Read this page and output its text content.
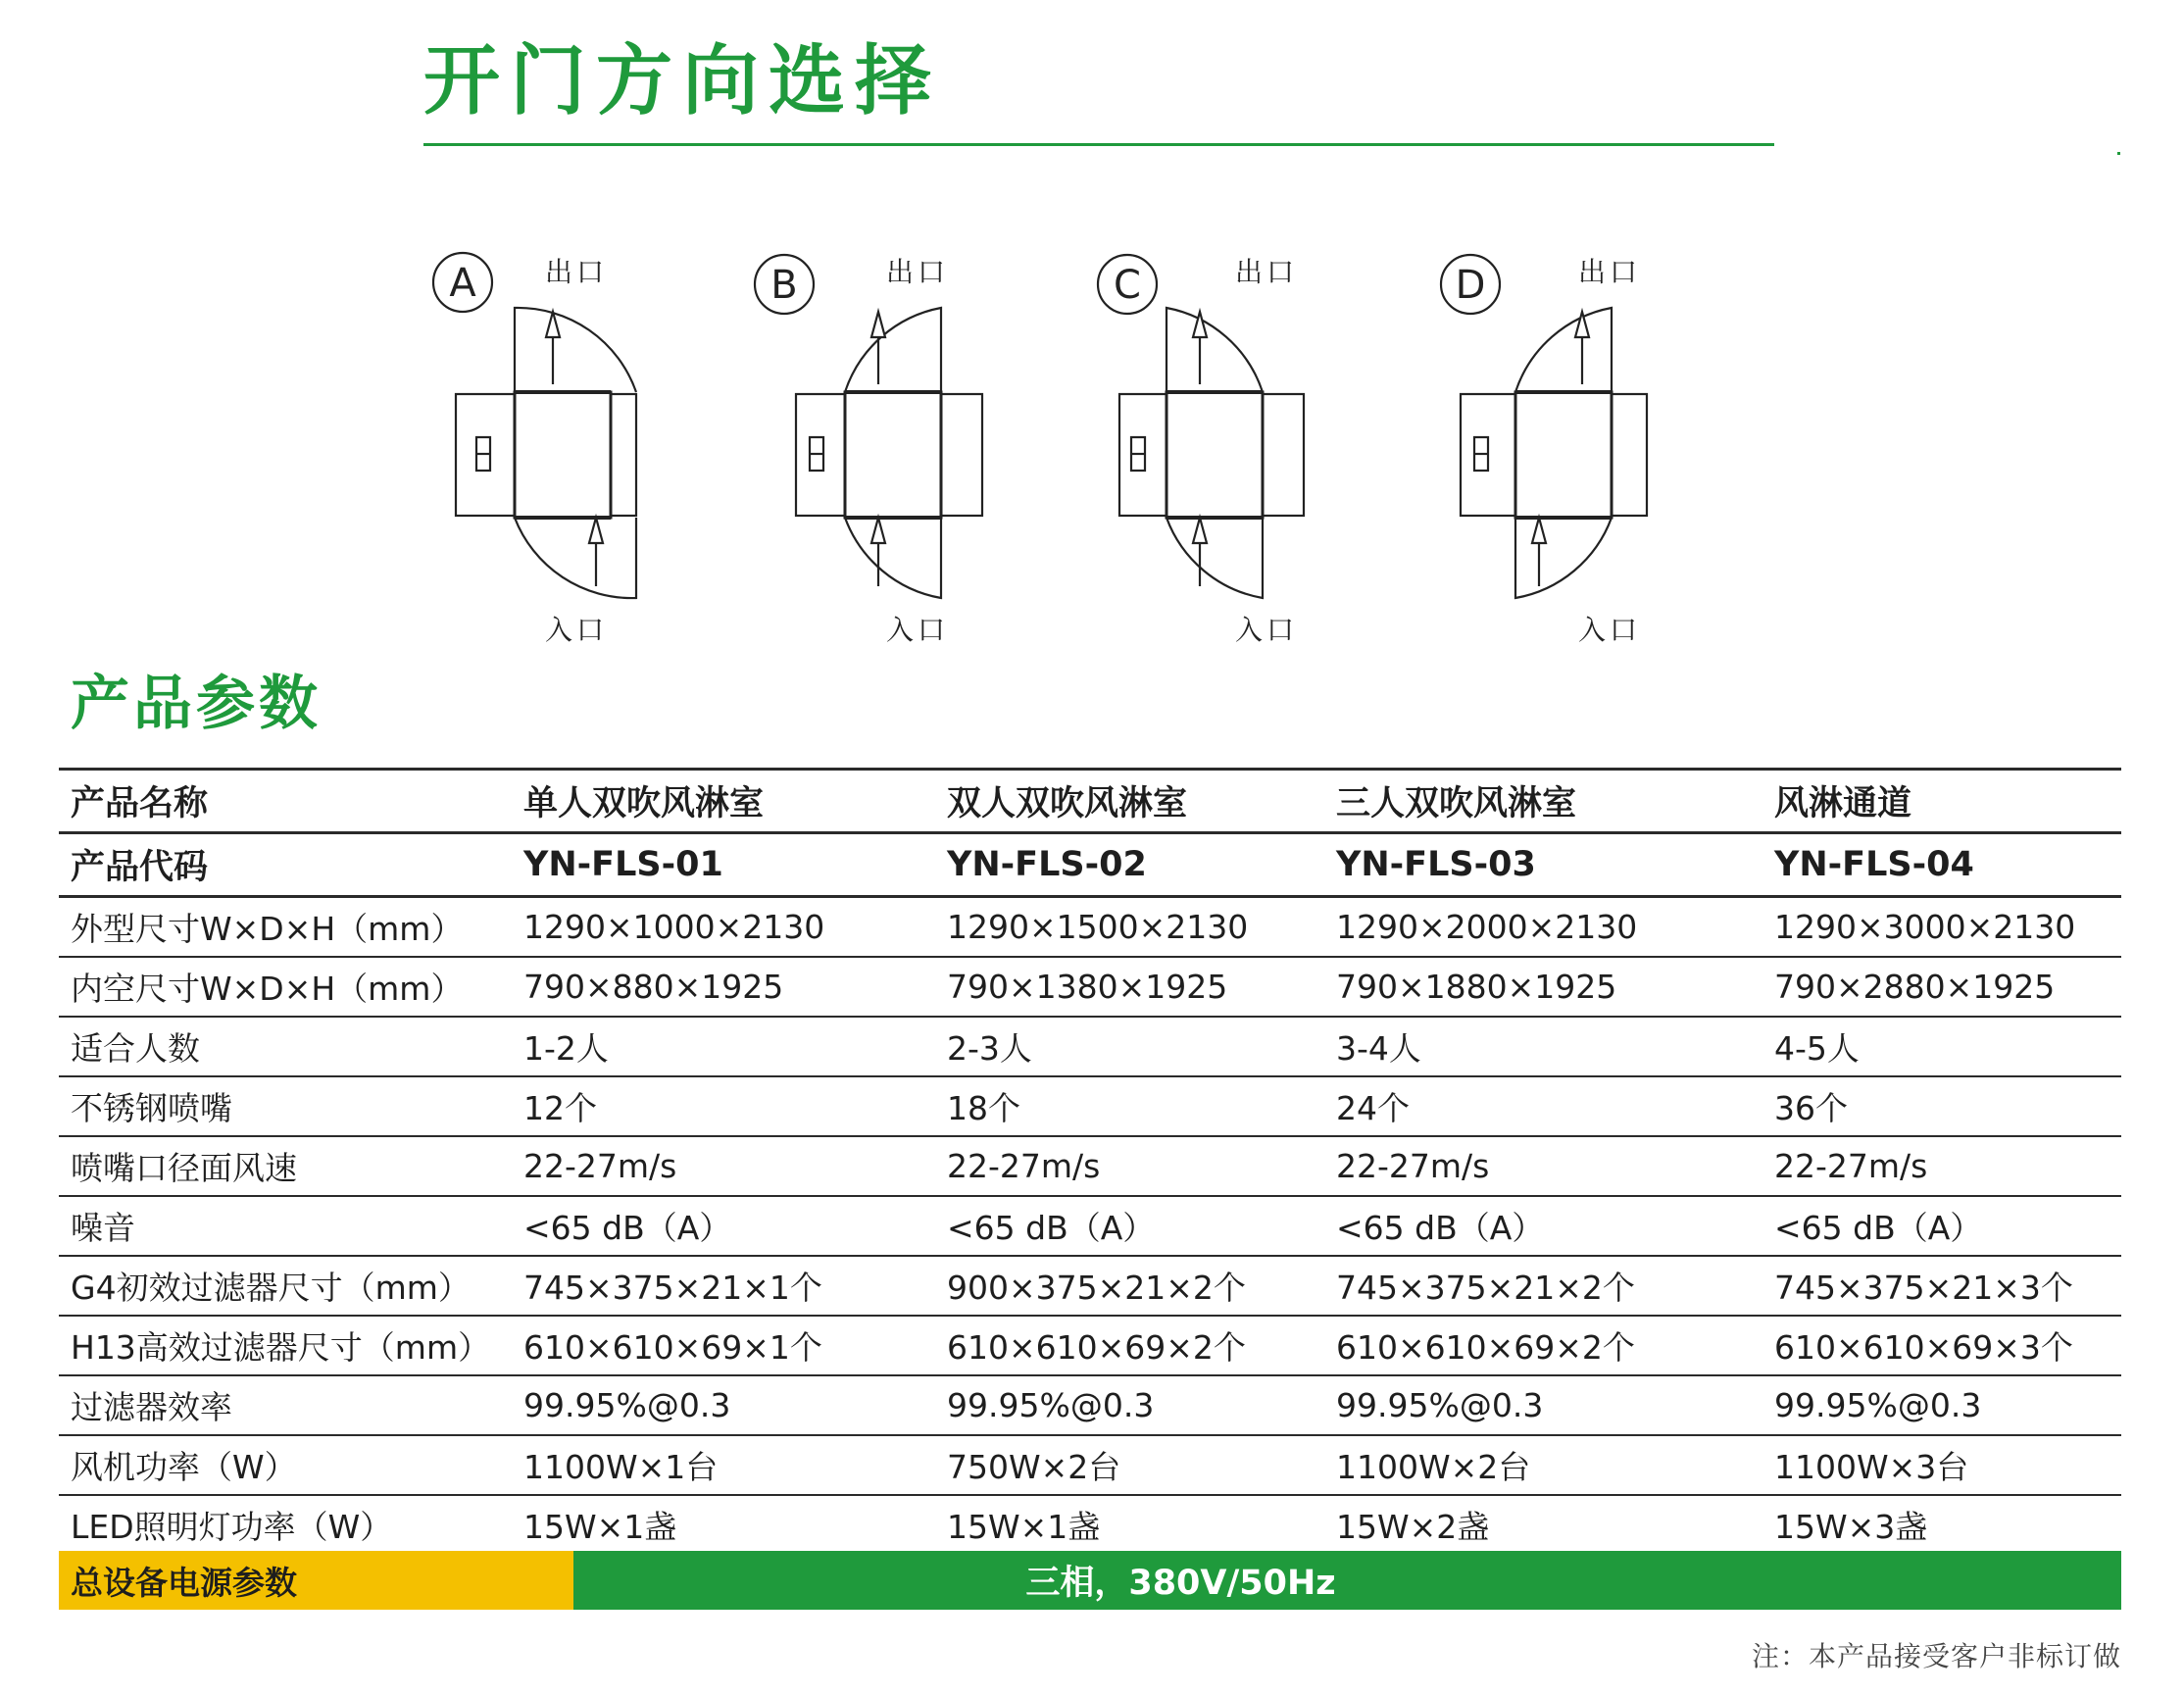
开门方向选择
A	出口
入口
B	出口
入口
C	出口
入口
D	出口
入口
产品参数
产品名称	单人双吹风淋室	双人双吹风淋室	三人双吹风淋室	风淋通道
产品代码	YN-FLS-01	YN-FLS-02	YN-FLS-03	YN-FLS-04
外型尺寸W×D×H（mm）	1290×1000×2130	1290×1500×2130	1290×2000×2130	1290×3000×2130
内空尺寸W×D×H（mm）	790×880×1925	790×1380×1925	790×1880×1925	790×2880×1925
适合人数	1-2人	2-3人	3-4人	4-5人
不锈钢喷嘴	12个	18个	24个	36个
喷嘴口径面风速	22-27m/s	22-27m/s	22-27m/s	22-27m/s
噪音	<65 dB（A）	<65 dB（A）	<65 dB（A）	<65 dB（A）
G4初效过滤器尺寸（mm）	745×375×21×1个	900×375×21×2个	745×375×21×2个	745×375×21×3个
H13高效过滤器尺寸（mm）	610×610×69×1个	610×610×69×2个	610×610×69×2个	610×610×69×3个
过滤器效率	99.95%@0.3	99.95%@0.3	99.95%@0.3	99.95%@0.3
风机功率（W）	1100W×1台	750W×2台	1100W×2台	1100W×3台
LED照明灯功率（W）	15W×1盏	15W×1盏	15W×2盏	15W×3盏
总设备电源参数	三相，380V/50Hz
注：本产品接受客户非标订做
